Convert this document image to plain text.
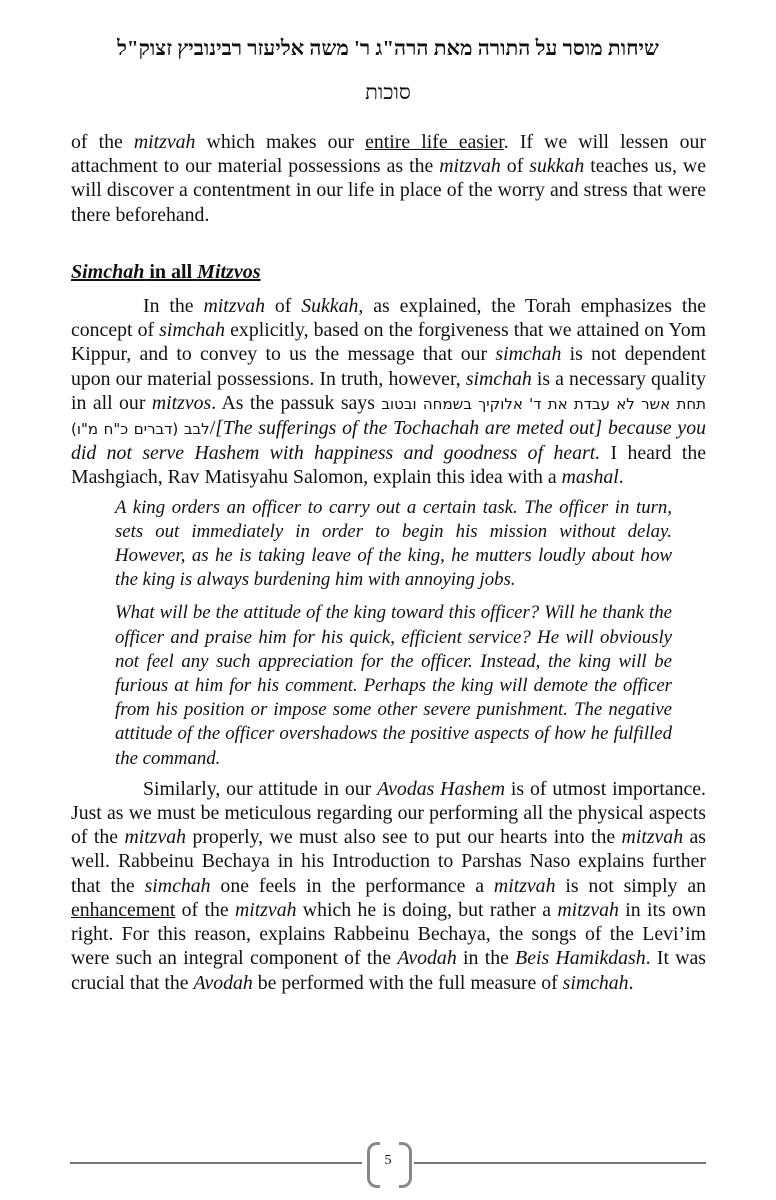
שיחות מוסר על התורה מאת הרה"ג ר' משה אליעזר רבינוביץ זצוק"ל
סוכות

of the mitzvah which makes our entire life easier. If we will lessen our attachment to our material possessions as the mitzvah of sukkah teaches us, we will discover a contentment in our life in place of the worry and stress that were there beforehand.

Simchah in all Mitzvos

In the mitzvah of Sukkah, as explained, the Torah emphasizes the concept of simchah explicitly, based on the forgiveness that we attained on Yom Kippur, and to convey to us the message that our simchah is not dependent upon our material possessions. In truth, however, simchah is a necessary quality in all our mitzvos. As the passuk says תחת אשר לא עבדת את ד' אלוקיך בשמחה ובטוב לבב (דברים כ"ח מ"ו)/[The sufferings of the Tochachah are meted out] because you did not serve Hashem with happiness and goodness of heart. I heard the Mashgiach, Rav Matisyahu Salomon, explain this idea with a mashal.

A king orders an officer to carry out a certain task. The officer in turn, sets out immediately in order to begin his mission without delay. However, as he is taking leave of the king, he mutters loudly about how the king is always burdening him with annoying jobs.

What will be the attitude of the king toward this officer? Will he thank the officer and praise him for his quick, efficient service? He will obviously not feel any such appreciation for the officer. Instead, the king will be furious at him for his comment. Perhaps the king will demote the officer from his position or impose some other severe punishment. The negative attitude of the officer overshadows the positive aspects of how he fulfilled the command.

Similarly, our attitude in our Avodas Hashem is of utmost importance. Just as we must be meticulous regarding our performing all the physical aspects of the mitzvah properly, we must also see to put our hearts into the mitzvah as well. Rabbeinu Bechaya in his Introduction to Parshas Naso explains further that the simchah one feels in the performance a mitzvah is not simply an enhancement of the mitzvah which he is doing, but rather a mitzvah in its own right. For this reason, explains Rabbeinu Bechaya, the songs of the Levi’im were such an integral component of the Avodah in the Beis Hamikdash. It was crucial that the Avodah be performed with the full measure of simchah.

5
